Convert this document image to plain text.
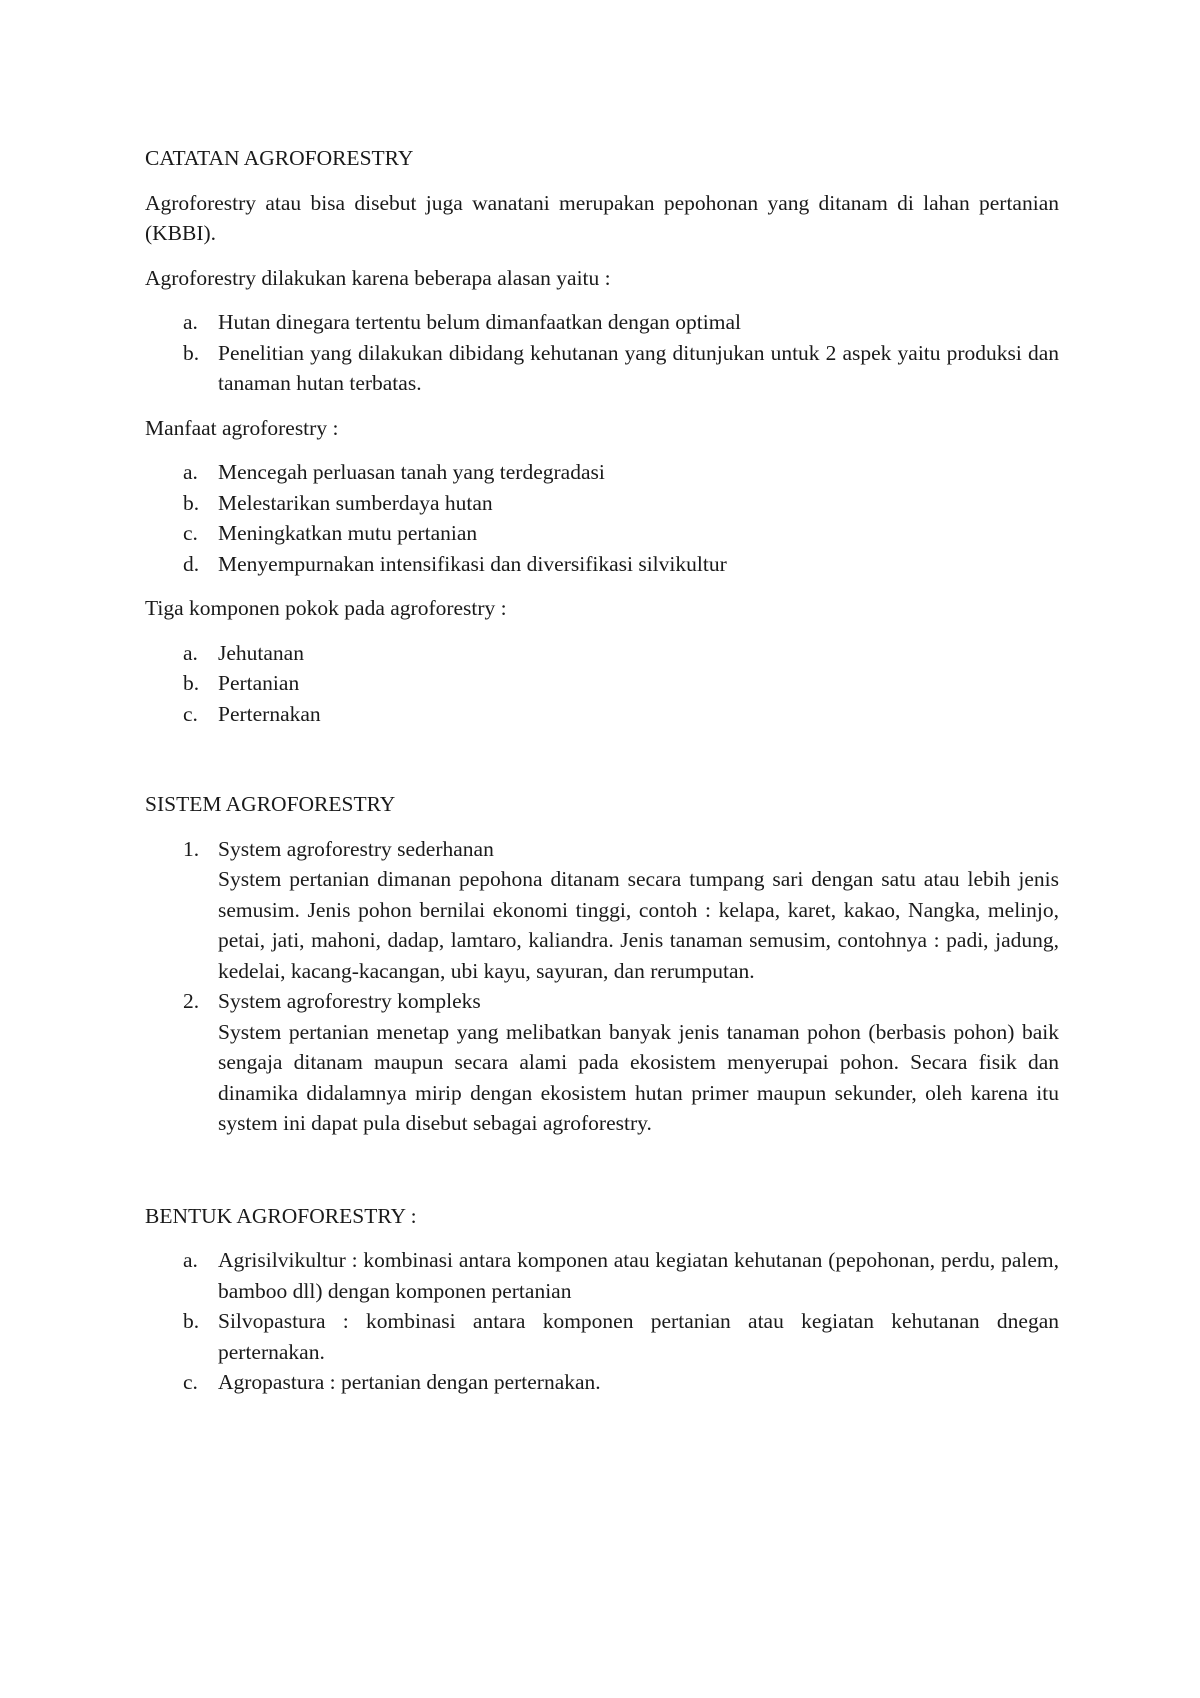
CATATAN AGROFORESTRY
Agroforestry atau bisa disebut juga wanatani merupakan pepohonan yang ditanam di lahan pertanian (KBBI).
Agroforestry dilakukan karena beberapa alasan yaitu :
a. Hutan dinegara tertentu belum dimanfaatkan dengan optimal
b. Penelitian yang dilakukan dibidang kehutanan yang ditunjukan untuk 2 aspek yaitu produksi dan tanaman hutan terbatas.
Manfaat agroforestry :
a. Mencegah perluasan tanah yang terdegradasi
b. Melestarikan sumberdaya hutan
c. Meningkatkan mutu pertanian
d. Menyempurnakan intensifikasi dan diversifikasi silvikultur
Tiga komponen pokok pada agroforestry :
a. Jehutanan
b. Pertanian
c. Perternakan
SISTEM AGROFORESTRY
1. System agroforestry sederhanan
System pertanian dimanan pepohona ditanam secara tumpang sari dengan satu atau lebih jenis semusim. Jenis pohon bernilai ekonomi tinggi, contoh : kelapa, karet, kakao, Nangka, melinjo, petai, jati, mahoni, dadap, lamtaro, kaliandra. Jenis tanaman semusim, contohnya : padi, jadung, kedelai, kacang-kacangan, ubi kayu, sayuran, dan rerumputan.
2. System agroforestry kompleks
System pertanian menetap yang melibatkan banyak jenis tanaman pohon (berbasis pohon) baik sengaja ditanam maupun secara alami pada ekosistem menyerupai pohon. Secara fisik dan dinamika didalamnya mirip dengan ekosistem hutan primer maupun sekunder, oleh karena itu system ini dapat pula disebut sebagai agroforestry.
BENTUK AGROFORESTRY :
a. Agrisilvikultur : kombinasi antara komponen atau kegiatan kehutanan (pepohonan, perdu, palem, bamboo dll) dengan komponen pertanian
b. Silvopastura : kombinasi antara komponen pertanian atau kegiatan kehutanan dnegan perternakan.
c. Agropastura : pertanian dengan perternakan.
